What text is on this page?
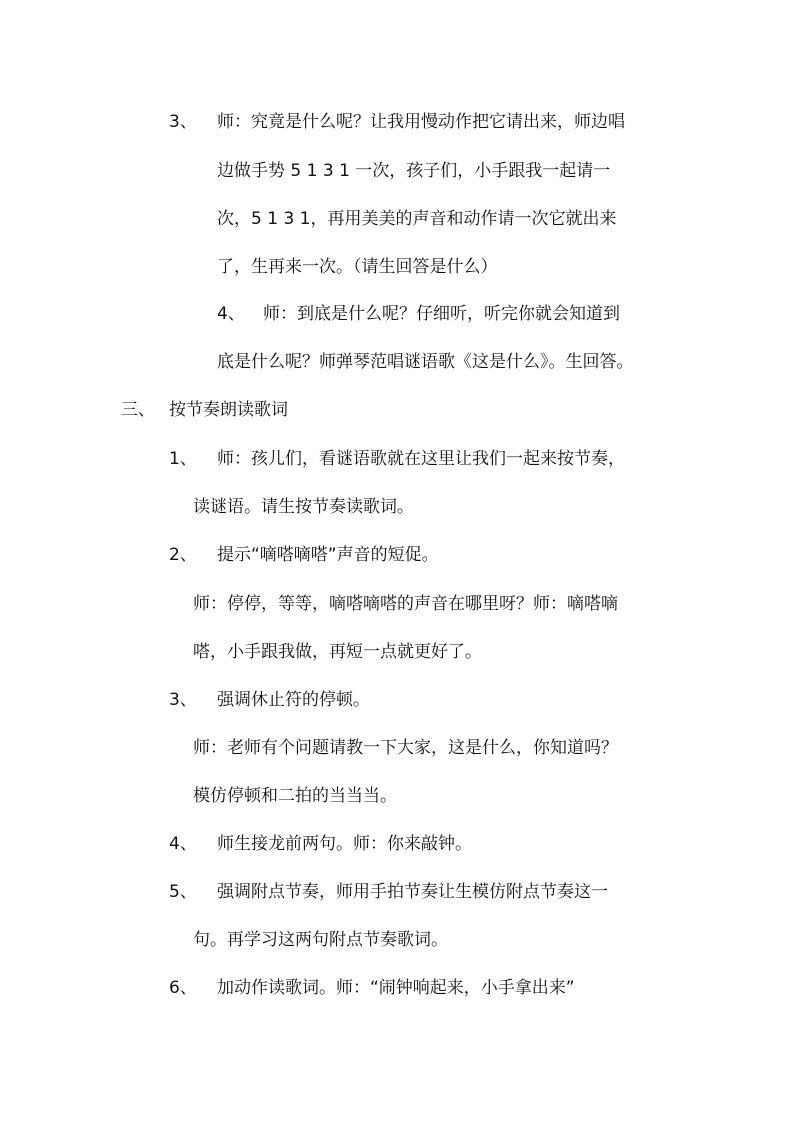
3、 师：究竟是什么呢？让我用慢动作把它请出来，师边唱
边做手势 5 1 3 1 一次，孩子们，小手跟我一起请一
次，5 1 3 1，再用美美的声音和动作请一次它就出来
了，生再来一次。（请生回答是什么）
4、 师：到底是什么呢？仔细听，听完你就会知道到
底是什么呢？师弹琴范唱谜语歌《这是什么》。生回答。
三、 按节奏朗读歌词
1、 师：孩儿们，看谜语歌就在这里让我们一起来按节奏，
读谜语。请生按节奏读歌词。
2、 提示“嘀嗒嘀嗒”声音的短促。
师：停停，等等，嘀嗒嘀嗒的声音在哪里呀？师：嘀嗒嘀
嗒，小手跟我做，再短一点就更好了。
3、 强调休止符的停顿。
师：老师有个问题请教一下大家，这是什么，你知道吗？
模仿停顿和二拍的当当当。
4、 师生接龙前两句。师：你来敲钟。
5、 强调附点节奏，师用手拍节奏让生模仿附点节奏这一
句。再学习这两句附点节奏歌词。
6、 加动作读歌词。师：“闹钟响起来，小手拿出来”
